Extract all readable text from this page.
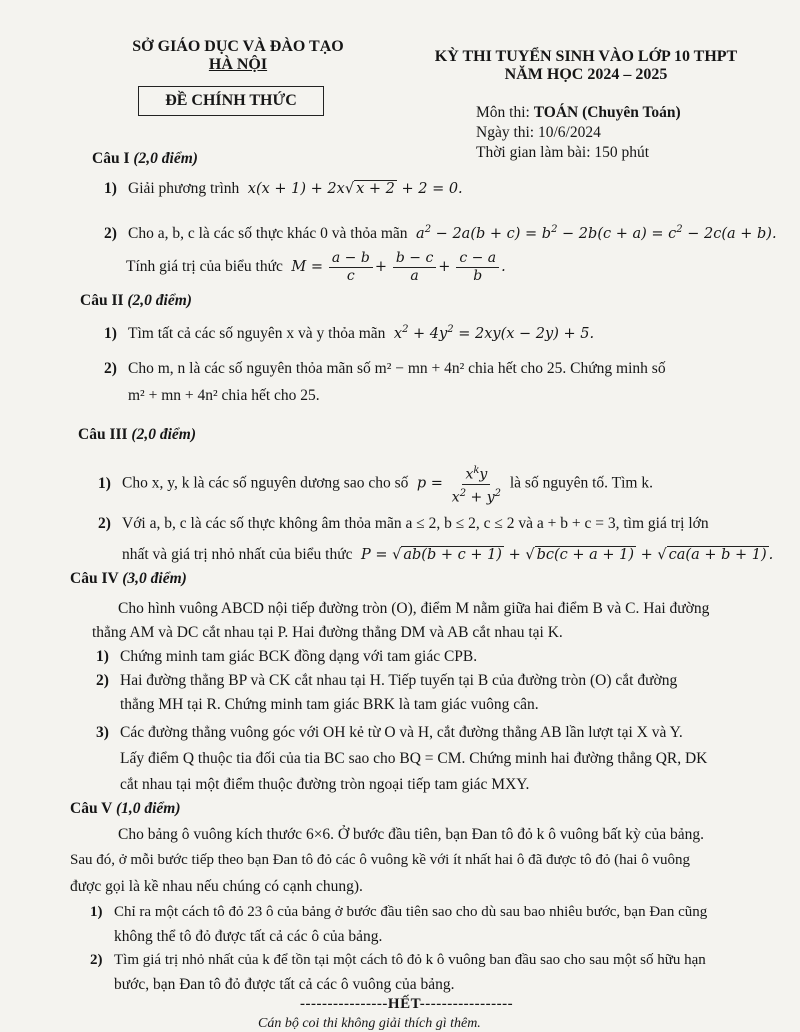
SỞ GIÁO DỤC VÀ ĐÀO TẠO
HÀ NỘI
ĐỀ CHÍNH THỨC
KỲ THI TUYỂN SINH VÀO LỚP 10 THPT
NĂM HỌC 2024 – 2025
Môn thi: TOÁN (Chuyên Toán)
Ngày thi: 10/6/2024
Thời gian làm bài: 150 phút
Câu I (2,0 điểm)
1) Giải phương trình  x(x + 1) + 2x√ x + 2 + 2 = 0.
2) Cho a, b, c là các số thực khác 0 và thỏa mãn  $a^2 - 2a(b + c) = b^2 - 2b(c + a) = c^2 - 2c(a + b)$.
Tính giá trị của biểu thức  $M = \frac{a - b}{c} + \frac{b - c}{a} + \frac{c - a}{b}$ .
Câu II (2,0 điểm)
1) Tìm tất cả các số nguyên x và y thỏa mãn  $x^2 + 4y^2 = 2xy(x - 2y) + 5$.
2) Cho m, n là các số nguyên thỏa mãn số m² − mn + 4n² chia hết cho 25. Chứng minh số
m² + mn + 4n² chia hết cho 25.
Câu III (2,0 điểm)
1) Cho x, y, k là các số nguyên dương sao cho số  $p = \frac{x^ky}{x^2 + y^2}$ là số nguyên tố. Tìm k.
2) Với a, b, c là các số thực không âm thỏa mãn a ≤ 2, b ≤ 2, c ≤ 2 và a + b + c = 3, tìm giá trị lớn
nhất và giá trị nhỏ nhất của biểu thức  P = √ ab(b + c + 1) + √ bc(c + a + 1) + √ ca(a + b + 1) .
Câu IV (3,0 điểm)
Cho hình vuông ABCD nội tiếp đường tròn (O), điểm M nằm giữa hai điểm B và C. Hai đường
thẳng AM và DC cắt nhau tại P. Hai đường thẳng DM và AB cắt nhau tại K.
1) Chứng minh tam giác BCK đồng dạng với tam giác CPB.
2) Hai đường thẳng BP và CK cắt nhau tại H. Tiếp tuyến tại B của đường tròn (O) cắt đường
thẳng MH tại R. Chứng minh tam giác BRK là tam giác vuông cân.
3) Các đường thẳng vuông góc với OH kẻ từ O và H, cắt đường thẳng AB lần lượt tại X và Y.
Lấy điểm Q thuộc tia đối của tia BC sao cho BQ = CM. Chứng minh hai đường thẳng QR, DK
cắt nhau tại một điểm thuộc đường tròn ngoại tiếp tam giác MXY.
Câu V (1,0 điểm)
Cho bảng ô vuông kích thước 6×6. Ở bước đầu tiên, bạn Đan tô đỏ k ô vuông bất kỳ của bảng.
Sau đó, ở mỗi bước tiếp theo bạn Đan tô đỏ các ô vuông kề với ít nhất hai ô đã được tô đỏ (hai ô vuông
được gọi là kề nhau nếu chúng có cạnh chung).
1) Chỉ ra một cách tô đỏ 23 ô của bảng ở bước đầu tiên sao cho dù sau bao nhiêu bước, bạn Đan cũng
không thể tô đỏ được tất cả các ô của bảng.
2) Tìm giá trị nhỏ nhất của k để tồn tại một cách tô đỏ k ô vuông ban đầu sao cho sau một số hữu hạn
bước, bạn Đan tô đỏ được tất cả các ô vuông của bảng.
----------------HẾT-----------------
Cán bộ coi thi không giải thích gì thêm.
